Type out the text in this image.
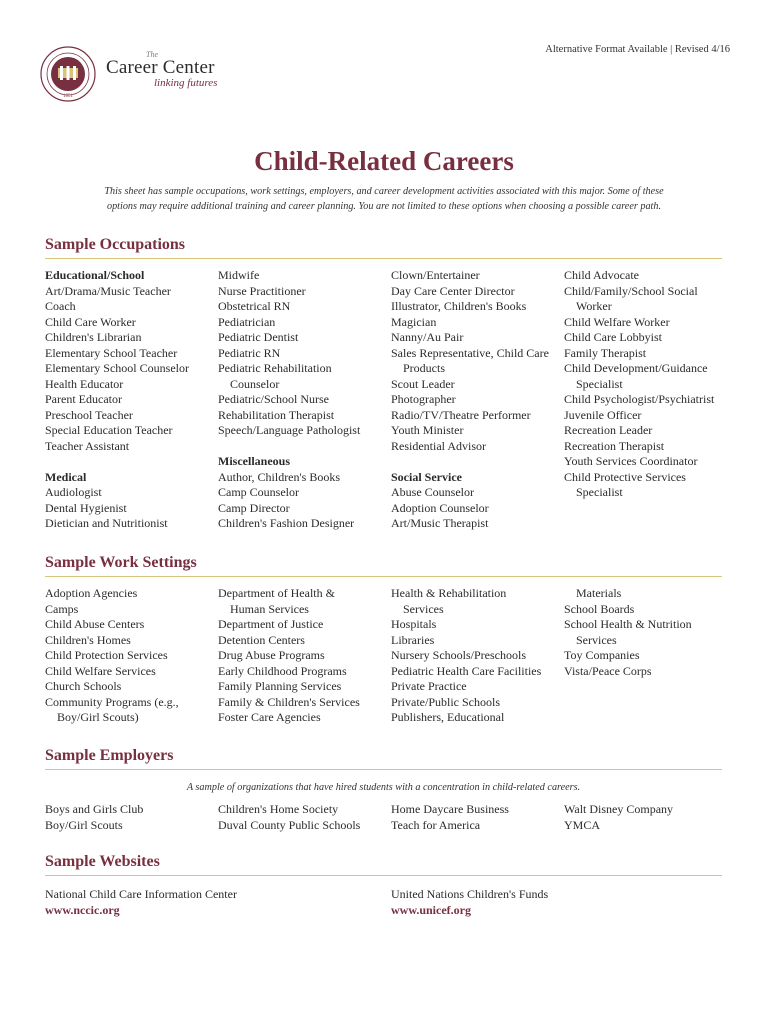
1851
The
Career Center
linking futures
Alternative Format Available | Revised 4/16
Child-Related Careers

This sheet has sample occupations, work settings, employers, and career development activities associated with this major. Some of these options may require additional training and career planning. You are not limited to these options when choosing a possible career path.

Sample Occupations
Educational/School
Art/Drama/Music Teacher
Coach
Child Care Worker
Children's Librarian
Elementary School Teacher
Elementary School Counselor
Health Educator
Parent Educator
Preschool Teacher
Special Education Teacher
Teacher Assistant
Medical
Audiologist
Dental Hygienist
Dietician and Nutritionist
Midwife
Nurse Practitioner
Obstetrical RN
Pediatrician
Pediatric Dentist
Pediatric RN
Pediatric Rehabilitation
Counselor
Pediatric/School Nurse
Rehabilitation Therapist
Speech/Language Pathologist
Miscellaneous
Author, Children's Books
Camp Counselor
Camp Director
Children's Fashion Designer
Clown/Entertainer
Day Care Center Director
Illustrator, Children's Books
Magician
Nanny/Au Pair
Sales Representative, Child Care
Products
Scout Leader
Photographer
Radio/TV/Theatre Performer
Youth Minister
Residential Advisor
Social Service
Abuse Counselor
Adoption Counselor
Art/Music Therapist
Child Advocate
Child/Family/School Social
Worker
Child Welfare Worker
Child Care Lobbyist
Family Therapist
Child Development/Guidance
Specialist
Child Psychologist/Psychiatrist
Juvenile Officer
Recreation Leader
Recreation Therapist
Youth Services Coordinator
Child Protective Services
Specialist
Sample Work Settings
Adoption Agencies
Camps
Child Abuse Centers
Children's Homes
Child Protection Services
Child Welfare Services
Church Schools
Community Programs (e.g.,
Boy/Girl Scouts)
Department of Health &
Human Services
Department of Justice
Detention Centers
Drug Abuse Programs
Early Childhood Programs
Family Planning Services
Family & Children's Services
Foster Care Agencies
Health & Rehabilitation
Services
Hospitals
Libraries
Nursery Schools/Preschools
Pediatric Health Care Facilities
Private Practice
Private/Public Schools
Publishers, Educational
Materials
School Boards
School Health & Nutrition
Services
Toy Companies
Vista/Peace Corps
Sample Employers
A sample of organizations that have hired students with a concentration in child-related careers.
Boys and Girls Club
Boy/Girl Scouts
Children's Home Society
Duval County Public Schools
Home Daycare Business
Teach for America
Walt Disney Company
YMCA
Sample Websites
National Child Care Information Center
www.nccic.org
United Nations Children's Funds
www.unicef.org
